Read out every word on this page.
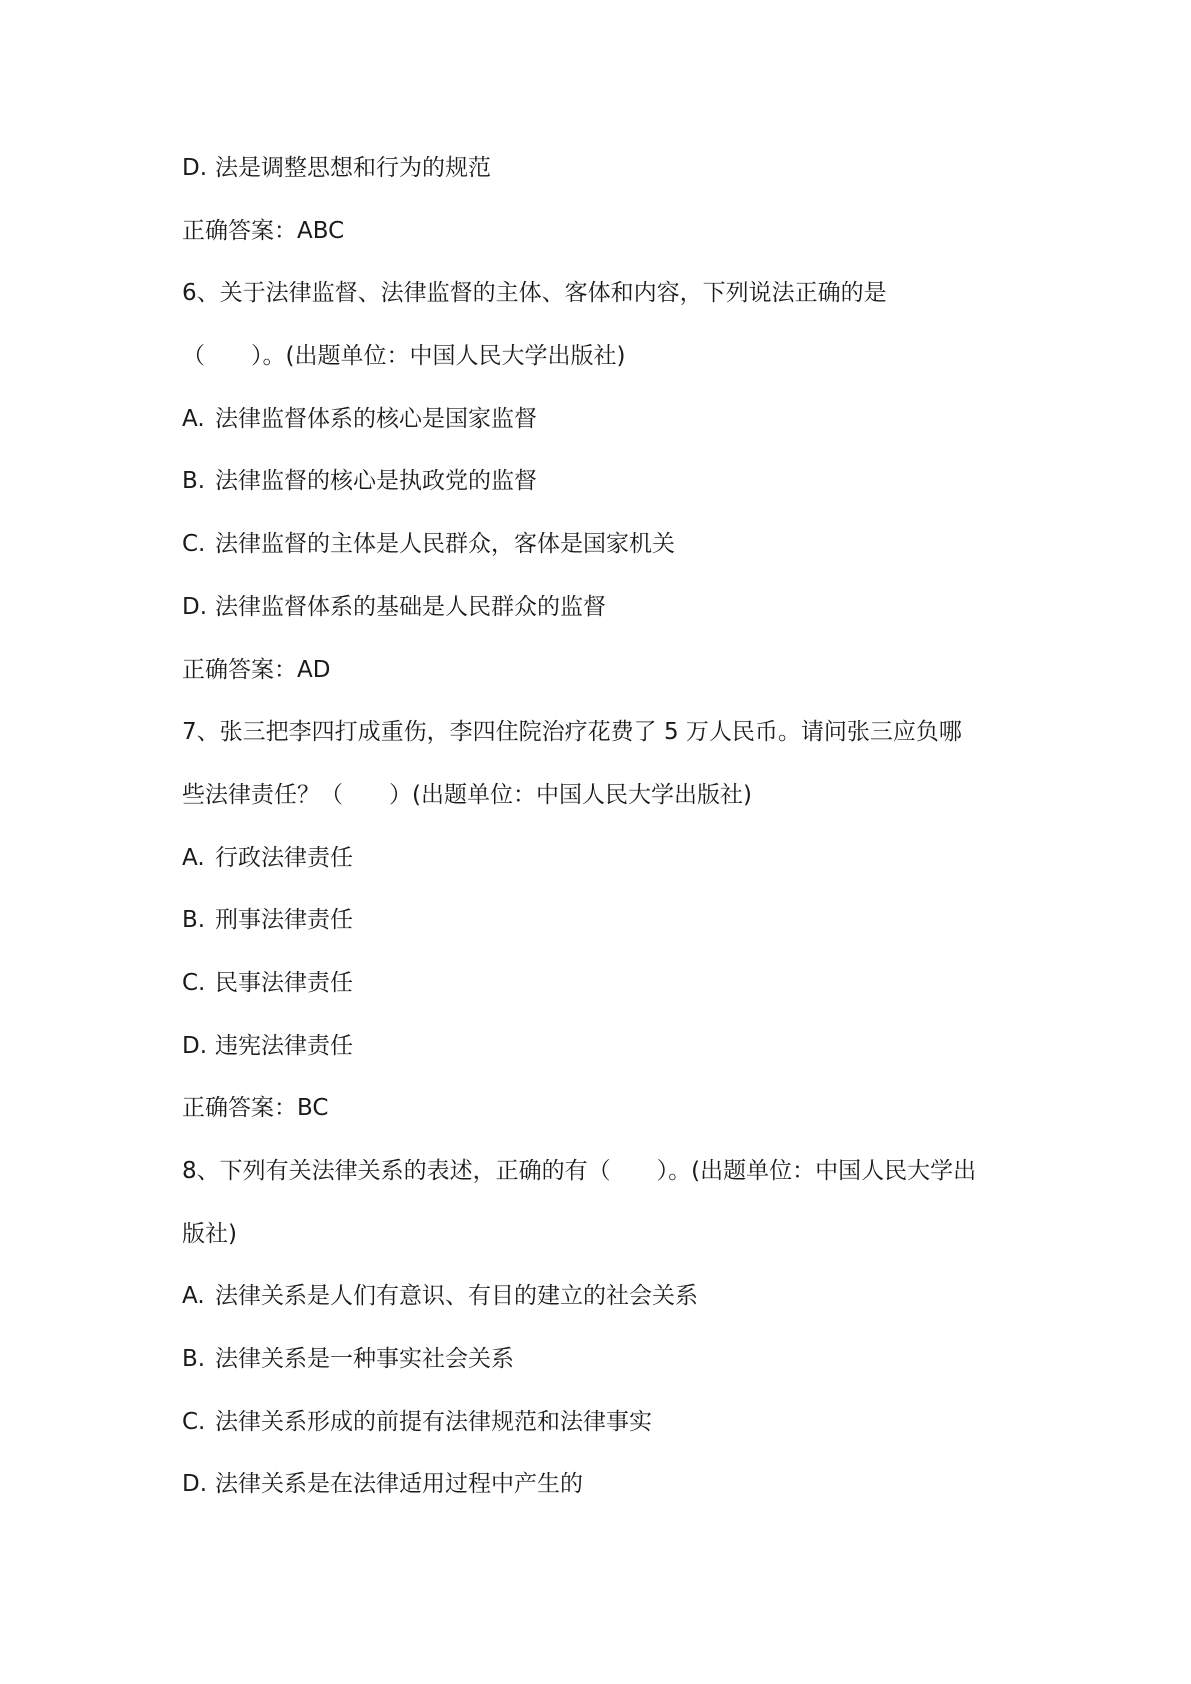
D. 法是调整思想和行为的规范
正确答案：ABC
6、关于法律监督、法律监督的主体、客体和内容，下列说法正确的是
（　　）。(出题单位：中国人民大学出版社)
A. 法律监督体系的核心是国家监督
B. 法律监督的核心是执政党的监督
C. 法律监督的主体是人民群众，客体是国家机关
D. 法律监督体系的基础是人民群众的监督
正确答案：AD
7、张三把李四打成重伤，李四住院治疗花费了 5 万人民币。请问张三应负哪
些法律责任？（　　）(出题单位：中国人民大学出版社)
A. 行政法律责任
B. 刑事法律责任
C. 民事法律责任
D. 违宪法律责任
正确答案：BC
8、下列有关法律关系的表述，正确的有（　　）。(出题单位：中国人民大学出
版社)
A. 法律关系是人们有意识、有目的建立的社会关系
B. 法律关系是一种事实社会关系
C. 法律关系形成的前提有法律规范和法律事实
D. 法律关系是在法律适用过程中产生的
